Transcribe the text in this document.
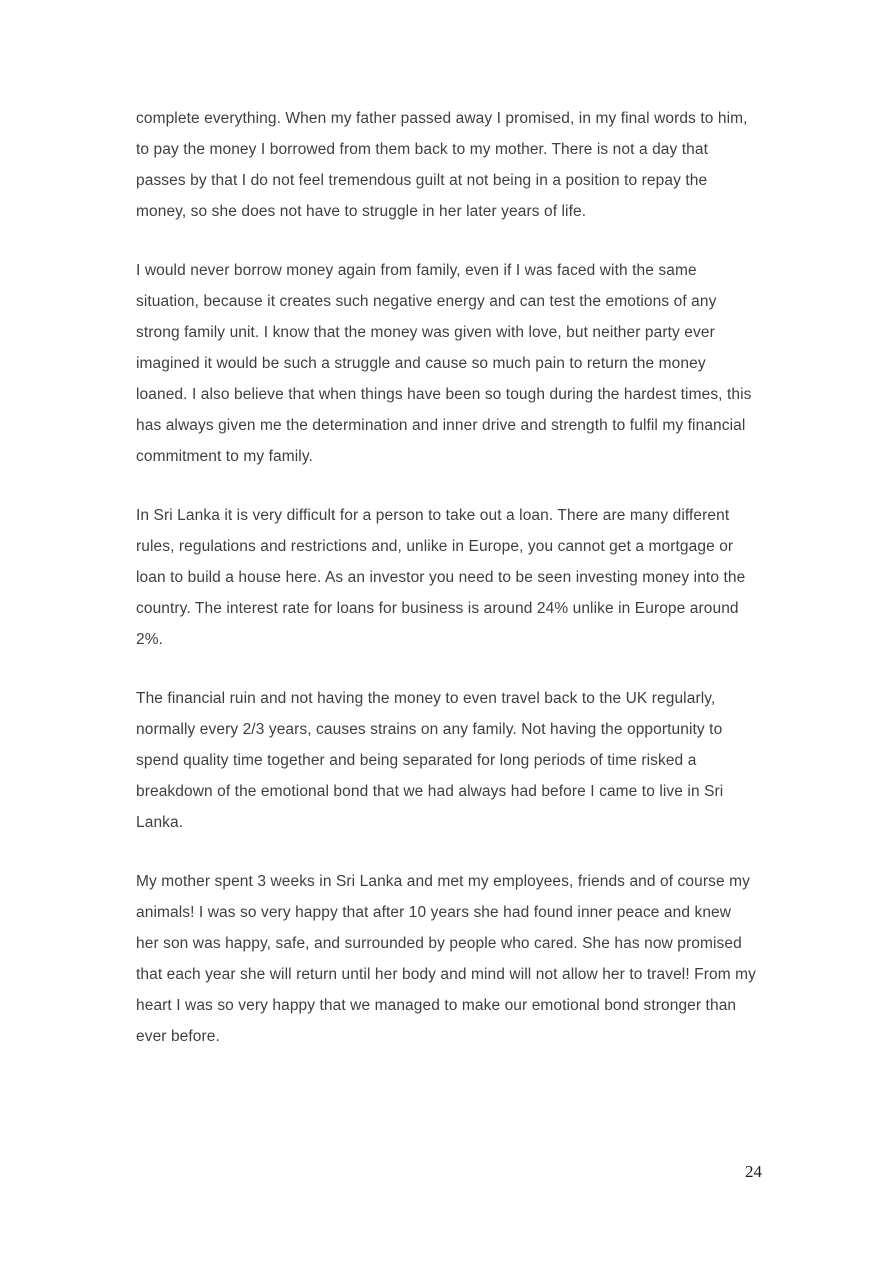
complete everything. When my father passed away I promised, in my final words to him, to pay the money I borrowed from them back to my mother. There is not a day that passes by that I do not feel tremendous guilt at not being in a position to repay the money, so she does not have to struggle in her later years of life.

I would never borrow money again from family, even if I was faced with the same situation, because it creates such negative energy and can test the emotions of any strong family unit. I know that the money was given with love, but neither party ever imagined it would be such a struggle and cause so much pain to return the money loaned. I also believe that when things have been so tough during the hardest times, this has always given me the determination and inner drive and strength to fulfil my financial commitment to my family.

In Sri Lanka it is very difficult for a person to take out a loan. There are many different rules, regulations and restrictions and, unlike in Europe, you cannot get a mortgage or loan to build a house here. As an investor you need to be seen investing money into the country. The interest rate for loans for business is around 24% unlike in Europe around 2%.

The financial ruin and not having the money to even travel back to the UK regularly, normally every 2/3 years, causes strains on any family. Not having the opportunity to spend quality time together and being separated for long periods of time risked a breakdown of the emotional bond that we had always had before I came to live in Sri Lanka.

My mother spent 3 weeks in Sri Lanka and met my employees, friends and of course my animals! I was so very happy that after 10 years she had found inner peace and knew her son was happy, safe, and surrounded by people who cared. She has now promised that each year she will return until her body and mind will not allow her to travel! From my heart I was so very happy that we managed to make our emotional bond stronger than ever before.

24
